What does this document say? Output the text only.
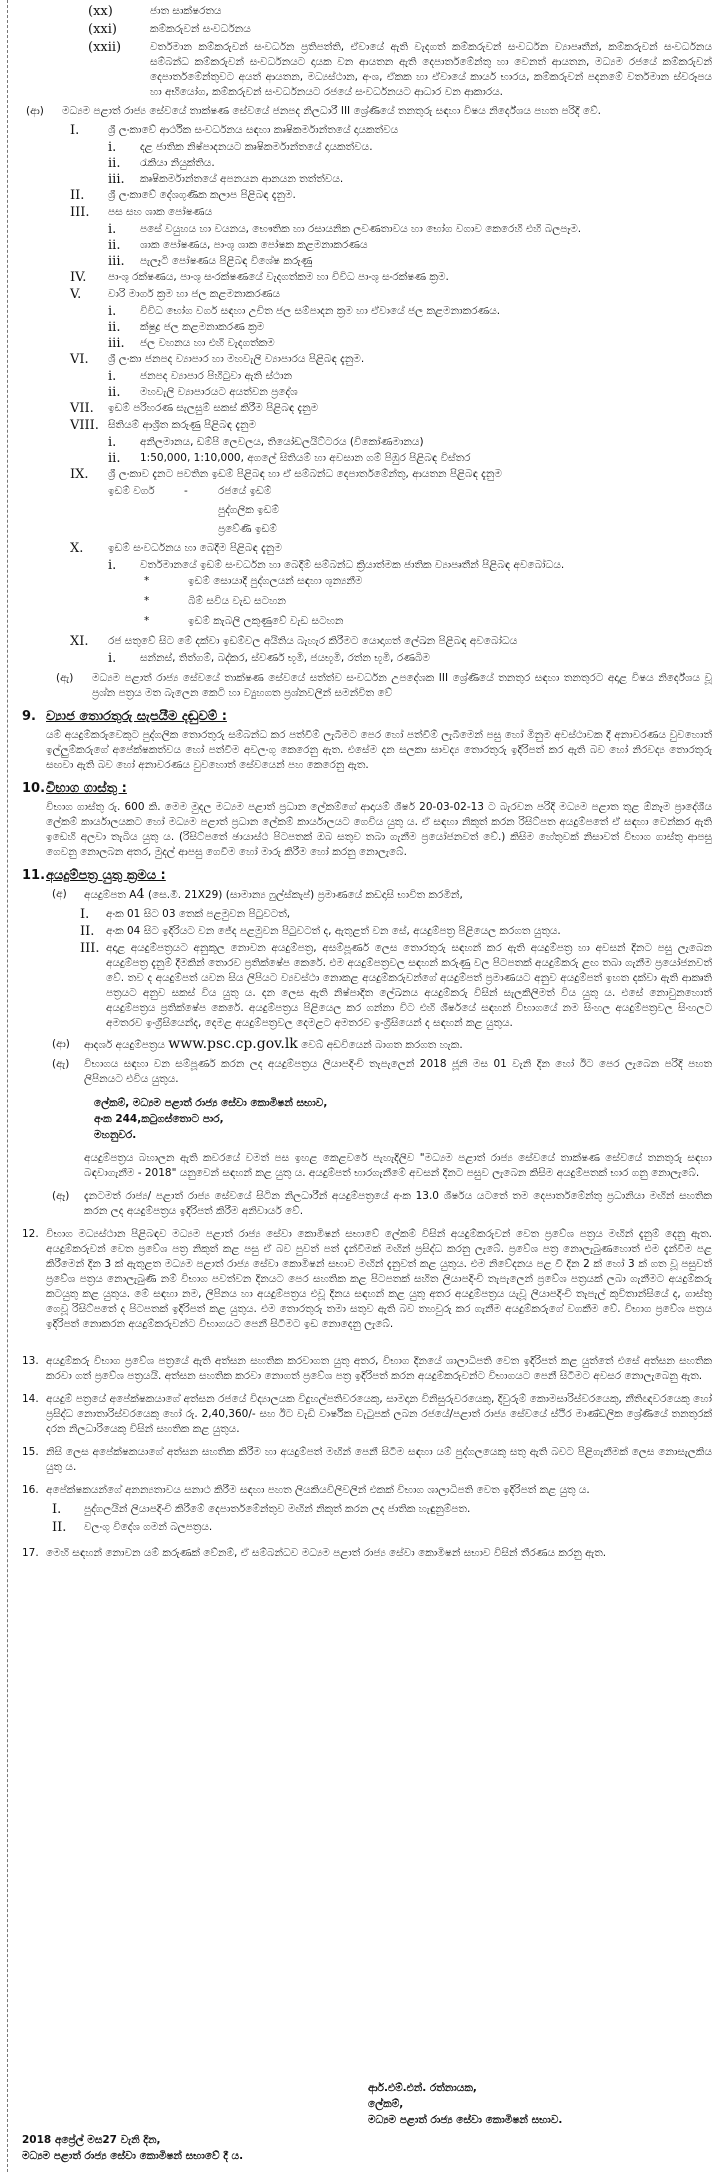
(xx)	ජාත සාක්ෂරතය
(xxi)	කම්කරුවන් සංවර්ධනය
(xxii)	වර්තමාන කම්කරුවන් සංවර්ධන ප්‍රතිපත්ති, ඒවායේ ඇති වැදගත් කම්කරුවන් සංවර්ධන ව්‍යාපෘතීන්, කම්කරුවන් සංවර්ධනය සම්බන්ධ කම්කරුවන් සංවර්ධනයට දායක වන ආයතන ඇති දෙපාර්තමේන්තු හා වෙනත් ආයතන, මධ්‍යම රජයේ කම්කරුවන් දෙපාර්තමේන්තුවට අයත් ආයතන, මධ්‍යස්ථාන, අංශ, ඒකක හා ඒවායේ කාර්ය භාරය, කම්කරුවන් පදනමේ වර්තමාන ස්වරූපය හා අභියෝග, කම්කරුවන් සංවර්ධනයට රජයේ සංවර්ධනයට ආධාර වන ආකාරය.
(ආ) මධ්‍යම පළාත් රාජ්‍ය සේවයේ තාක්ෂණ සේවයේ ජනපද නිලධාරී III ශ්‍රේණියේ තනතුරු සඳහා විෂය නිර්දේශය පහත පරිදි වේ.
I.	ශ්‍රී ලංකාවේ ආර්ථික සංවර්ධනය සඳහා කෘෂිකර්මාන්තයේ දායකත්වය
i. දළ ජාතික නිෂ්පාදනයට කෘෂිකර්මාන්තයේ දායකත්වය.
ii. රැකියා නියුක්තිය.
iii. කෘෂිකර්මාන්තයේ අපනයන ආනයන තත්ත්වය.
II. ශ්‍රී ලංකාවේ දේශගුණික කලාප පිළිබඳ දැනුම.
III. පස සහ ශාක පෝෂණය
i. පසේ වයුහය හා වයනය, භෞතික හා රසායනික ලවණතාවය හා භෝග වගාව කෙරෙහි එහි බලපෑම.
ii. ශාක පෝෂණය, පාංශු ශාක පෝෂක කළමනාකරණය
iii. පැලෑටි පෝෂණය පිළිබඳ විශේෂ කරුණු
IV. පාංශු රක්ෂණය, පාංශු සංරක්ෂණයේ වැදගත්කම හා විවිධ පාංශු සංරක්ෂණ ක්‍රම.
V.	වාරි මාර්ග ක්‍රම හා ජල කළමනාකරණය
i. විවිධ භෝග වර්ග සඳහා උචිත ජල සම්පාදන ක්‍රම හා ඒවායේ ජල කළමනාකරණය.
ii. ක්ෂුද්‍ර ජල කළමනාකරණ ක්‍රම
iii. ජල වහනය හා එහි වැදගත්කම
VI. ශ්‍රී ලංකා ජනපද ව්‍යාපාර හා මහවැලි ව්‍යාපාරය පිළිබඳ දැනුම.
i. ජනපද ව්‍යාපාර පිහිටුවා ඇති ස්ථාන
ii. මහවැලි ව්‍යාපාරයට අයත්වන ප්‍රදේශ
VII. ඉඩම් පරිහරණ සැලසුම් සකස් කිරීම පිළිබඳ දැනුම
VIII. සිතියම් ආශ්‍රිත කරුණු පිළිබඳ දැනුම
i. අනිලමානය, ඩම්පි ලෙවලය, තියෝඩලයිට්ටරය (විකෝණමානය)
ii. 1:50,000, 1:10,000, අගලේ සිතියම් හා අවසාන ගම් පිඹුර පිළිබඳ විස්තර
IX. ශ්‍රී ලංකාව දැනට පවතින ඉඩම් පිළිබඳ හා ඒ සම්බන්ධ දෙපාර්තමේන්තු, ආයතන පිළිබඳ දැනුම
ඉඩම් වර්ග	-	රජයේ ඉඩම්
පුද්ගලික ඉඩම්
ප්‍රවේණි ඉඩම්
X. ඉඩම් සංවර්ධනය හා බෙදීම පිළිබඳ දැනුම
i. වර්තමානයේ ඉඩම් සංවර්ධන හා බෙදීම් සම්බන්ධ ක්‍රියාත්මක ජාතික ව්‍යාපෘතීන් පිළිබඳ අවබෝධය.
*	ඉඩම් සොයාදී පුද්ගලයන් සඳහා ශූන්‍යනීම
*	බිම් සවිය වැඩ සටහන
*	ඉඩම් කැබලි ලකුණුවේ වැඩ සටහන
XI. රජ සතුවේ සිට මේ දක්වා ඉඩම්වල අයිතිය බැහැර කිරීමට යොදාගත් ලේඛන පිළිබඳ අවබෝධය
i. සන්නස්, තිත්ගම්, බද්කර, ස්වර්ණ භූමි, ජයභූමි, රත්න භූමි, රණබිම
(ඇ) මධ්‍යම පළාත් රාජ්‍ය සේවයේ තාක්ෂණ සේවයේ සත්ත්ව සංවර්ධන උපදේශක III ශ්‍රේණියේ තනතුර සඳහා තනතුරට අදාළ විෂය නිර්දේශය වූ ප්‍රශ්න පත්‍රය මත බැලෙන කෙටි හා ව්‍යුහගත ප්‍රශ්නවලින් සමන්විත වේ
9. ව්‍යාජ තොරතුරු සැපයීම දඬුවම් :
යම් අයදුම්කරුවෙකුට පුද්ගලික තොරතුරු සම්බන්ධ කර පත්වීම් ලැබීමට පෙර හෝ පත්වීම් ලැබීමෙන් පසු හෝ මිනුම අවස්ථාවක දී අනාවරණය වුවහොත් ඉල්ලුම්කරුගේ අපේක්ෂකත්වය හෝ පත්වීම අවලංගු කෙරෙනු ඇත. එසේම දන සලකා සාවද්‍ය තොරතුරු ඉදිරිපත් කර ඇති බව හෝ නිරවද්‍ය තොරතුරු සඟවා ඇති බව හෝ අනාවරණය වුවහොත් සේවයෙන් පහ කෙරෙනු ඇත.
10. විභාග ගාස්තු :
විභාග ගාස්තු රු. 600 කි. මෙම මුදල මධ්‍යම පළාත් ප්‍රධාන ලේකම්ගේ ආදායම් ශීර්ෂ 20-03-02-13 ට බැරවන පරිදි මධ්‍යම පළාත තුළ ඕනෑම ප්‍රාදේශීය ලේකම් කාර්යාලයකට හෝ මධ්‍යම පළාත් ප්‍රධාන ලේකම් කාර්යාලයට ගෙවිය යුතු ය. ඒ සඳහා නිකුත් කරන රිසිට්පත අයදුම්පතේ ඒ සඳහා වෙන්කර ඇති ඉඩෙහි අලවා තැබිය යුතු ය. (රිසිට්පතේ ඡායාස්ථ පිටපතක් ඔබ සතුව තබා ගැනීම ප්‍රයෝජනවත් වේ.) කිසිම හේතුවක් නිසාවත් විභාග ගාස්තු ආපසු ගෙවනු නොලබන අතර, මුදල් ආපසු ගෙවීම හෝ මාරු කිරීම හෝ කරනු නොලැබේ.
11. අයදුම්පත්‍ර යුතු ක්‍රමය :
(අ) අයදුම්පත A4 (සෙ.මී. 21X29) (සාමාන්‍ය ෆුල්ස්කැප්) ප්‍රමාණයේ කඩදාසි භාවිත කරමින්,
I. අංක 01 සිට 03 තෙක් පළමුවන පිටුවටත්,
II. අංක 04 සිට ඉදිරියට වන ජේද පළමුවන පිටුවටත් ද, ඇතුළත් වන සේ, අයදුම්පත්‍ර පිළියෙල කරගත යුතුය.
III. අදාළ අයදුම්පත්‍රයට අනුකූල නොවන අයදුම්පත්‍ර, අසම්පූර්ණ ලෙස තොරතුරු සඳහන් කර ඇති අයදුම්පත්‍ර හා අවසන් දිනට පසු ලැබෙන අයදුම්පත්‍ර දැනුම් දීමකින් තොරව ප්‍රතික්ෂේප කෙරේ. එම අයදුම්පත්‍රවල සඳහන් කරුණු වල පිටපතක් අයදුම්කරු ළඟ තබා ගැනීම ප්‍රයෝජනවත් වේ. තව ද අයදුම්පත් යවන සිය ලිපියට ව්‍යවස්ථා නොකළ අයදුම්කරුවන්ගේ අයදුම්පත් ප්‍රමාණයට අනුව අයදුම්පත් ඉහත දක්වා ඇති ආකෘති පත්‍රයට අනුව සකස් විය යුතු ය. දන ලෙස ඇති නිෂ්පාදිත ලේඛනය අයදුම්කරු විසින් සැලකිලිමත් විය යුතු ය. එසේ නොවුනහොත් අයදුම්පත්‍රය ප්‍රතික්ෂේප කෙරේ. අයදුම්පත්‍රය පිළියෙල කර ගන්නා විට එහි ශීර්ෂයේ සඳහන් විභාගයේ නම සිංහල අයදුම්පත්‍රවල සිංහලට අමතරව ඉංග්‍රීසියෙන්ද, දෙමළ අයදුම්පත්‍රවල දෙමළට අමතරව ඉංග්‍රීසියෙන් ද සඳහන් කළ යුතුය.
(ආ) ආදර්ශ අයදුම්පත්‍රය www.psc.cp.gov.lk වෙබ් අඩවියෙන් බාගත කරගත හැක.
(ඇ) විභාගය සඳහා වන සම්පූර්ණ කරන ලද අයදුම්පත්‍රය ලියාපදිංචි තැපැලෙන් 2018 ජූනි මස 01 වැනි දින හෝ ඊට පෙර ලැබෙන පරිදි පහත ලිපිනයට එවිය යුතුය.
ලේකම්, මධ්‍යම පළාත් රාජ්‍ය සේවා කොමිෂන් සභාව,
අංක 244,කටුගස්තොට පාර,
මහනුවර.
අයදුම්පත්‍රය බහාලන ඇති කවරයේ වමත් පස ඉහළ කෙළවරේ පැහැදිලිව "මධ්‍යම පළාත් රාජ්‍ය සේවයේ තාක්ෂණ සේවයේ තනතුරු සඳහා බඳවාගැනීම - 2018" යනුවෙන් සඳහන් කළ යුතු ය. අයදුම්පත් භාරගැනීමේ අවසන් දිනට පසුව ලැබෙන කිසිම අයදුම්පතක් භාර ගනු නොලැබේ.
(ඈ) දැනටමත් රාජ්‍ය/ පළාත් රාජ්‍ය සේවයේ සිටින නිලධාරීන් අයදුම්පත්‍රයේ අංක 13.0 ශීර්ෂය යටතේ තම දෙපාර්තමේන්තු ප්‍රධානියා මඟින් සහතික කරන ලද අයදුම්පත්‍රය ඉදිරිපත් කිරීම අනිවාර්ය වේ.
12. විභාග මධ්‍යස්ථාන පිළිබඳව මධ්‍යම පළාත් රාජ්‍ය සේවා කොමිෂන් සභාවේ ලේකම් විසින් අයදුම්කරුවන් වෙත ප්‍රවේශ පත්‍රය මඟින් දැනුම් දෙනු ඇත. අයදුම්කරුවන් වෙත ප්‍රවේශ පත්‍ර නිකුත් කළ පසු ඒ බව පුවත් පත් දැන්වීමක් මඟින් ප්‍රසිද්ධ කරනු ලැබේ. ප්‍රවේශ පත්‍ර නොලැබුණහොත් එම දැන්වීම පළ කිරීමෙන් දින 3 ක් ඇතුළත මධ්‍යම පළාත් රාජ්‍ය සේවා කොමිෂන් සභාව මඟින් දැනුවත් කළ යුතුය. එම නිවේදනය පළ වී දින 2 ක් හෝ 3 ක් ගත වූ පසුවත් ප්‍රවේශ පත්‍රය නොලැබුණි නම් විභාග පවත්වන දිනයට පෙර සහතික කළ පිටපතක් සහිත ලියාපදිංචි තැපැලෙන් ප්‍රවේශ පත්‍රයක් ලබා ගැනීමට අයදුම්කරු කටයුතු කළ යුතුය. මේ සඳහා නම, ලිපිනය හා අයදුම්පත්‍රය එවූ දිනය සඳහන් කළ යුතු අතර අයදුම්පත්‍රය යැවූ ලියාපදිංචි තැපැල් කුවිතාන්සියේ ද, ගාස්තු ගෙවූ රිසිට්පතේ ද පිටපතක් ඉදිරිපත් කළ යුතුය. එම තොරතුරු තමා සතුව ඇති බව තහවුරු කර ගැනීම අයදුම්කරුගේ වගකීම වේ. විභාග ප්‍රවේශ පත්‍රය ඉදිරිපත් නොකරන අයදුම්කරුවන්ට විභාගයට පෙනී සිටීමට ඉඩ නොදෙනු ලැබේ.
13. අයදුම්කරු විභාග ප්‍රවේශ පත්‍රයේ ඇති අත්සන සහතික කරවාගත යුතු අතර, විභාග දිනයේ ශාලාධිපති වෙත ඉදිරිපත් කළ යුත්තේ එසේ අත්සන සහතික කරවා ගත් ප්‍රවේශ පත්‍රයයි. අත්සන සහතික කරවා නොගත් ප්‍රවේශ පත්‍ර ඉදිරිපත් කරන අයදුම්කරුවන්ට විභාගයට පෙනී සිටීමට අවසර නොලැබෙනු ඇත.
14. අයදුම් පත්‍රයේ අපේක්ෂකයාගේ අත්සන රජයේ විද්‍යාලයක විදුහල්පතිවරයෙකු, සාමදාන විනිසුරුවරයෙකු, දිවුරුම් කොමසාරිස්වරයෙකු, නීතිඥවරයෙකු හෝ ප්‍රසිද්ධ නොතාරිස්වරයෙකු හෝ රු. 2,40,360/- සහ ඊට වැඩි වාර්ෂික වැටුපක් ලබන රජයේ/පළාත් රාජ්‍ය සේවයේ ස්ථිර මාණ්ඩලික ශ්‍රේණියේ තනතුරක් දරන නිලධාරියෙකු විසින් සහතික කළ යුතුය.
15. නිසි ලෙස අපේක්ෂකයාගේ අත්සන සහතික කිරීම හා අයදුම්පත් මඟින් පෙනී සිටීම සඳහා යම් පුද්ගලයෙකු සතු ඇති බවට පිළිගැනීමක් ලෙස නොසැලකිය යුතු ය.
16. අපේක්ෂකයන්ගේ අනන්‍යතාවය සනාථ කිරීම සඳහා පහත ලියකියවිලිවලින් එකක් විභාග ශාලාධිපති වෙත ඉදිරිපත් කළ යුතු ය.
I. පුද්ගලයින් ලියාපදිංචි කිරීමේ දෙපාර්තමේන්තුව මඟින් නිකුත් කරන ලද ජාතික හැඳුනුම්පත.
II. වලංගු විදේශ ගමන් බලපත්‍රය.
17. මෙහි සඳහන් නොවන යම් කරුණක් වේනම්, ඒ සම්බන්ධව මධ්‍යම පළාත් රාජ්‍ය සේවා කොමිෂන් සභාව විසින් තීරණය කරනු ඇත.
ආර්.එම්.එන්. රත්නායක,
ලේකම්,
මධ්‍යම පළාත් රාජ්‍ය සේවා කොමිෂන් සභාව.
2018 අප්‍රේල් මස27 වැනි දින,
මධ්‍යම පළාත් රාජ්‍ය සේවා කොමිෂන් සභාවේ දී ය.
